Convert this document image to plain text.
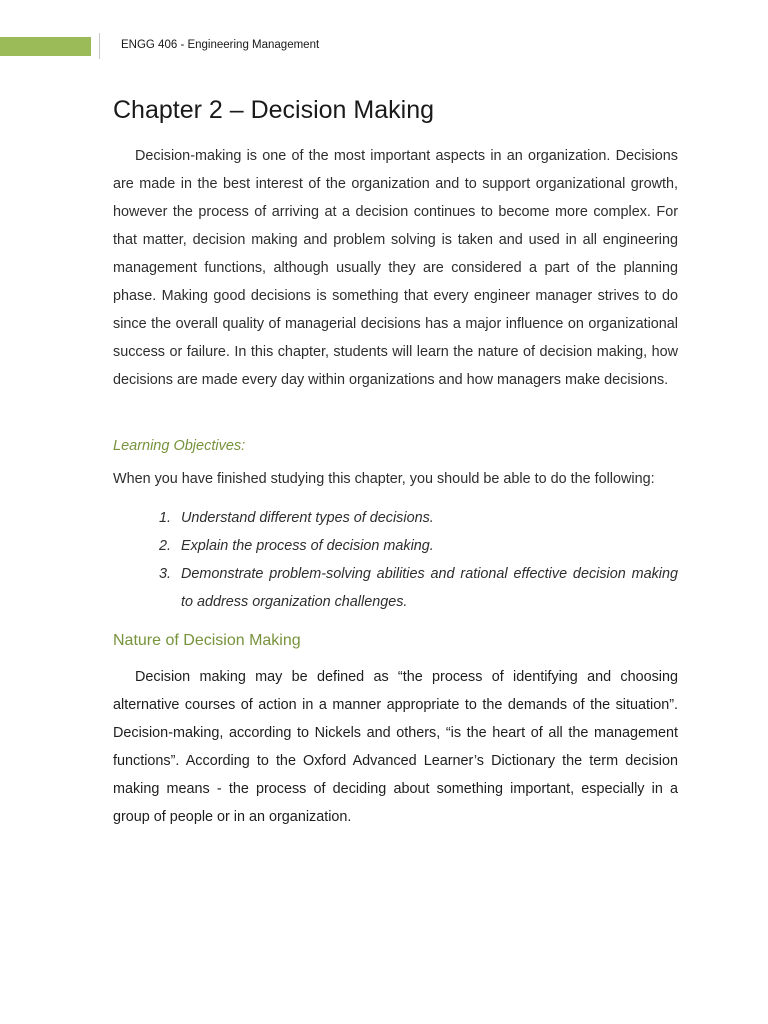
ENGG 406 - Engineering Management
Chapter 2 – Decision Making

Decision-making is one of the most important aspects in an organization. Decisions are made in the best interest of the organization and to support organizational growth, however the process of arriving at a decision continues to become more complex. For that matter, decision making and problem solving is taken and used in all engineering management functions, although usually they are considered a part of the planning phase. Making good decisions is something that every engineer manager strives to do since the overall quality of managerial decisions has a major influence on organizational success or failure. In this chapter, students will learn the nature of decision making, how decisions are made every day within organizations and how managers make decisions.

Learning Objectives:

When you have finished studying this chapter, you should be able to do the following:

1. Understand different types of decisions.
2. Explain the process of decision making.
3. Demonstrate problem-solving abilities and rational effective decision making to address organization challenges.
Nature of Decision Making

Decision making may be defined as “the process of identifying and choosing alternative courses of action in a manner appropriate to the demands of the situation”. Decision-making, according to Nickels and others, “is the heart of all the management functions”. According to the Oxford Advanced Learner’s Dictionary the term decision making means - the process of deciding about something important, especially in a group of people or in an organization.
